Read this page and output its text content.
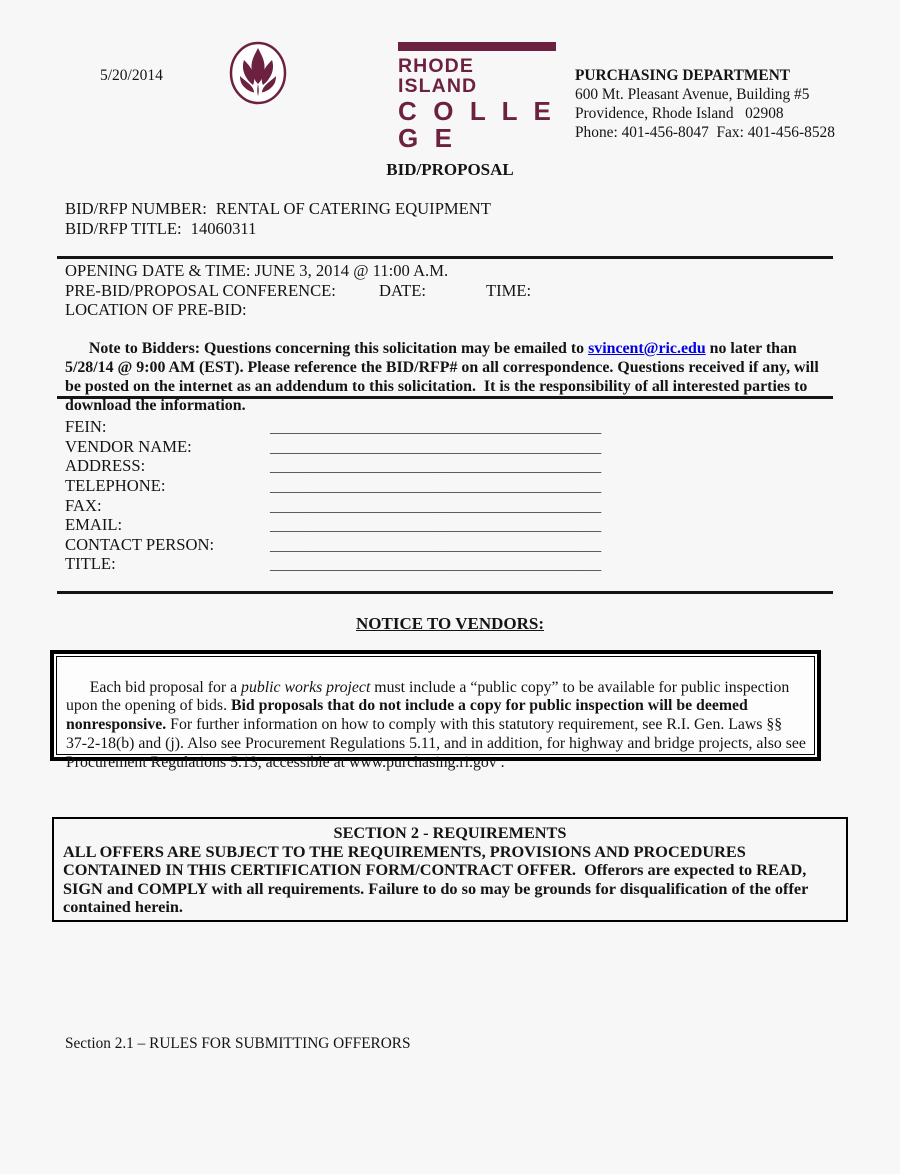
5/20/2014	RHODE ISLAND
C O L L E G E
PURCHASING DEPARTMENT
600 Mt. Pleasant Avenue, Building #5
Providence, Rhode Island   02908
Phone: 401-456-8047  Fax: 401-456-8528
BID/PROPOSAL
BID/RFP NUMBER: RENTAL OF CATERING EQUIPMENT
BID/RFP TITLE: 14060311
OPENING DATE & TIME: JUNE 3, 2014 @ 11:00 A.M.
PRE-BID/PROPOSAL CONFERENCE:	DATE:	TIME:
LOCATION OF PRE-BID:

Note to Bidders: Questions concerning this solicitation may be emailed to svincent@ric.edu no later than 5/28/14 @ 9:00 AM (EST). Please reference the BID/RFP# on all correspondence. Questions received if any, will be posted on the internet as an addendum to this solicitation.  It is the responsibility of all interested parties to download the information.

FEIN:	_______________________________________
VENDOR NAME:	_______________________________________
ADDRESS:	_______________________________________
TELEPHONE:	_______________________________________
FAX:	_______________________________________
EMAIL:	_______________________________________
CONTACT PERSON:	_______________________________________
TITLE:	_______________________________________
NOTICE TO VENDORS:

Each bid proposal for a public works project must include a “public copy” to be available for public inspection upon the opening of bids. Bid proposals that do not include a copy for public inspection will be deemed nonresponsive. For further information on how to comply with this statutory requirement, see R.I. Gen. Laws §§ 37-2-18(b) and (j). Also see Procurement Regulations 5.11, and in addition, for highway and bridge projects, also see Procurement Regulations 5.13, accessible at www.purchasing.ri.gov .

SECTION 2 - REQUIREMENTS
ALL OFFERS ARE SUBJECT TO THE REQUIREMENTS, PROVISIONS AND PROCEDURES CONTAINED IN THIS CERTIFICATION FORM/CONTRACT OFFER.  Offerors are expected to READ, SIGN and COMPLY with all requirements. Failure to do so may be grounds for disqualification of the offer contained herein.
Section 2.1 – RULES FOR SUBMITTING OFFERORS
